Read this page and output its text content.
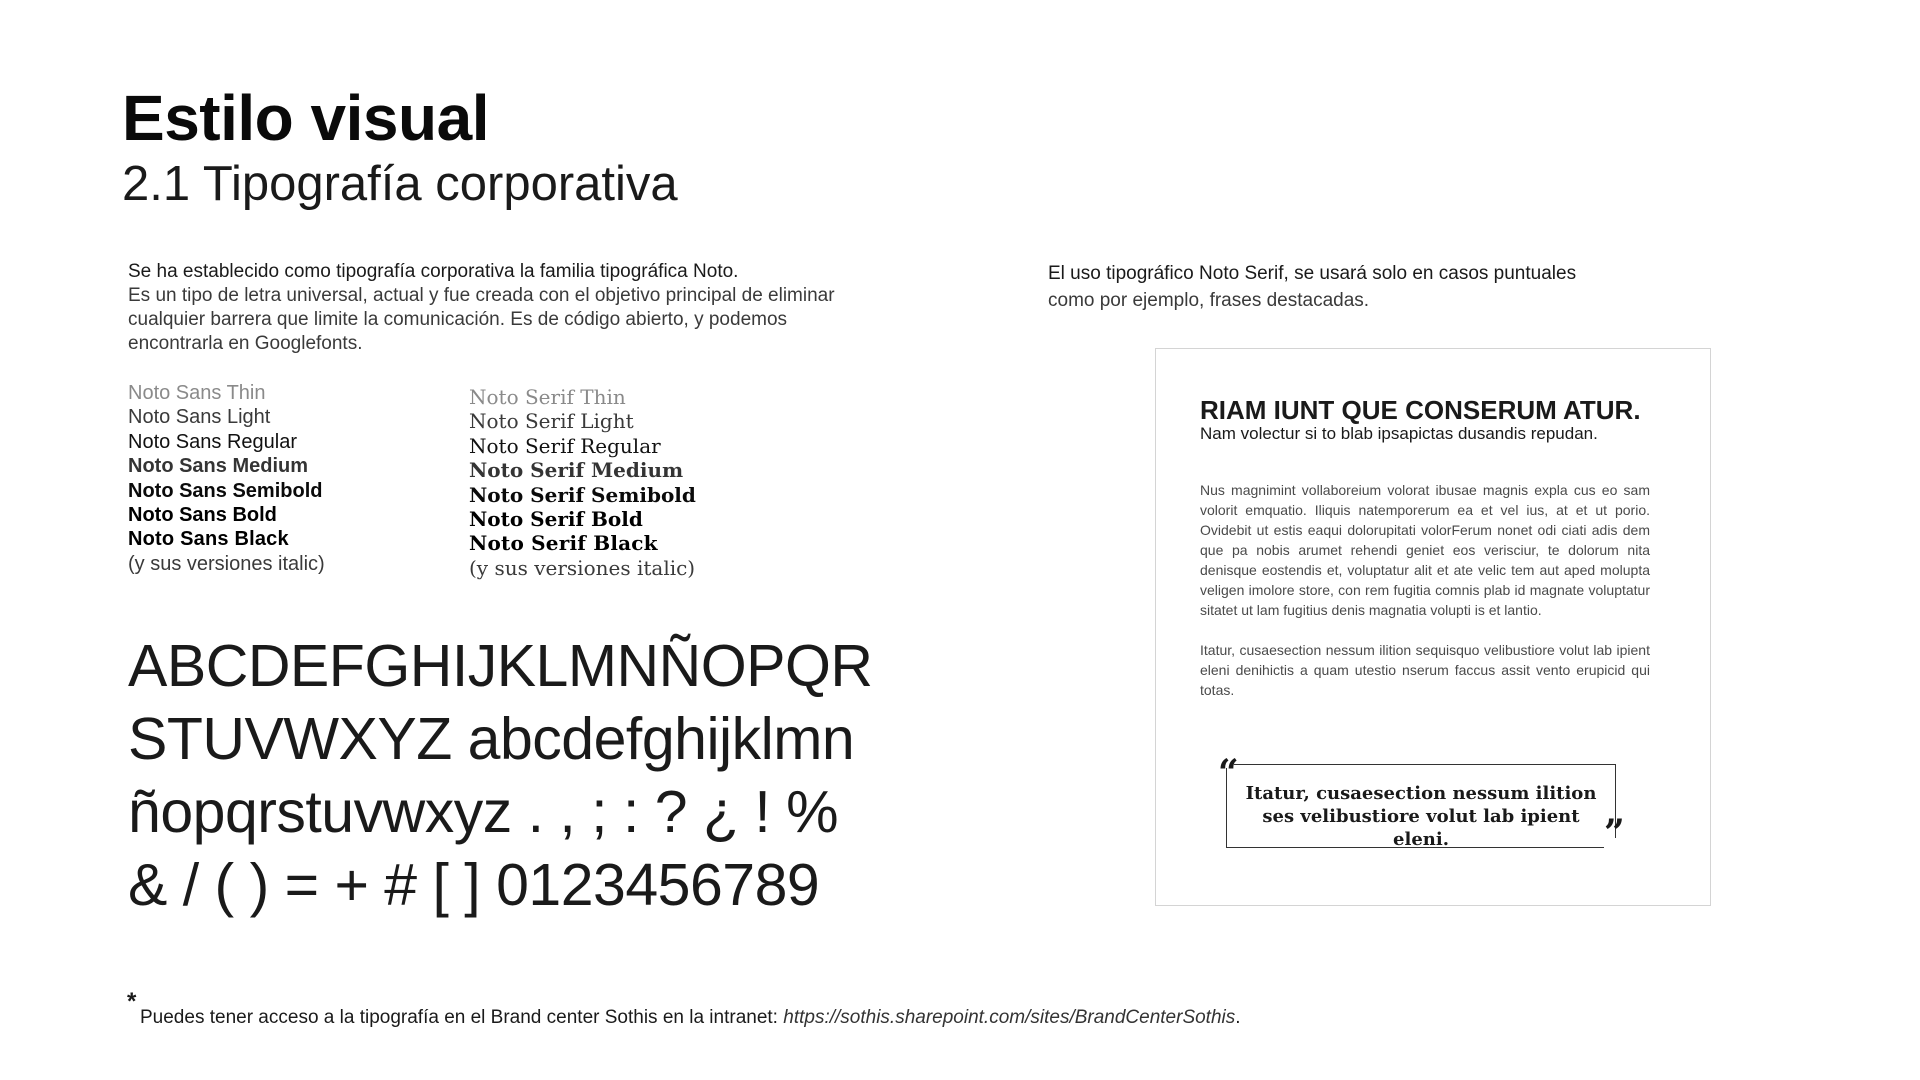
Estilo visual
2.1 Tipografía corporativa
Se ha establecido como tipografía corporativa la familia tipográfica Noto.
Es un tipo de letra universal, actual y fue creada con el objetivo principal de eliminar
cualquier barrera que limite la comunicación. Es de código abierto, y podemos
encontrarla en Googlefonts.
Noto Sans Thin
Noto Sans Light
Noto Sans Regular
Noto Sans Medium
Noto Sans Semibold
Noto Sans Bold
Noto Sans Black
(y sus versiones italic)
Noto Serif Thin
Noto Serif Light
Noto Serif Regular
Noto Serif Medium
Noto Serif Semibold
Noto Serif Bold
Noto Serif Black
(y sus versiones italic)
ABCDEFGHIJKLMNÑOPQR
STUVWXYZ abcdefghijklmn
ñopqrstuvwxyz . , ; : ? ¿ ! %
& / ( ) = + # [ ] 0123456789
El uso tipográfico Noto Serif, se usará solo en casos puntuales
como por ejemplo, frases destacadas.
RIAM IUNT QUE CONSERUM ATUR.
Nam volectur si to blab ipsapictas dusandis repudan.

Nus magnimint vollaboreium volorat ibusae magnis expla cus eo sam volorit emquatio. Iliquis natemporerum ea et vel ius, at et ut porio. Ovidebit ut estis eaqui dolorupitati volorFerum nonet odi ciati adis dem que pa nobis arumet rehendi geniet eos verisciur, te dolorum nita denisque eostendis et, voluptatur alit et ate velic tem aut aped molupta veligen imolore store, con rem fugitia comnis plab id magnate voluptatur sitatet ut lam fugitius denis magnatia volupti is et lantio.

Itatur, cusaesection nessum ilition sequisquo velibustiore volut lab ipient eleni denihictis a quam utestio nserum faccus assit vento erupicid qui totas.

“
”
Itatur, cusaesection nessum ilition ses velibustiore volut lab ipient eleni.
*
Puedes tener acceso a la tipografía en el Brand center Sothis en la intranet: https://sothis.sharepoint.com/sites/BrandCenterSothis.
